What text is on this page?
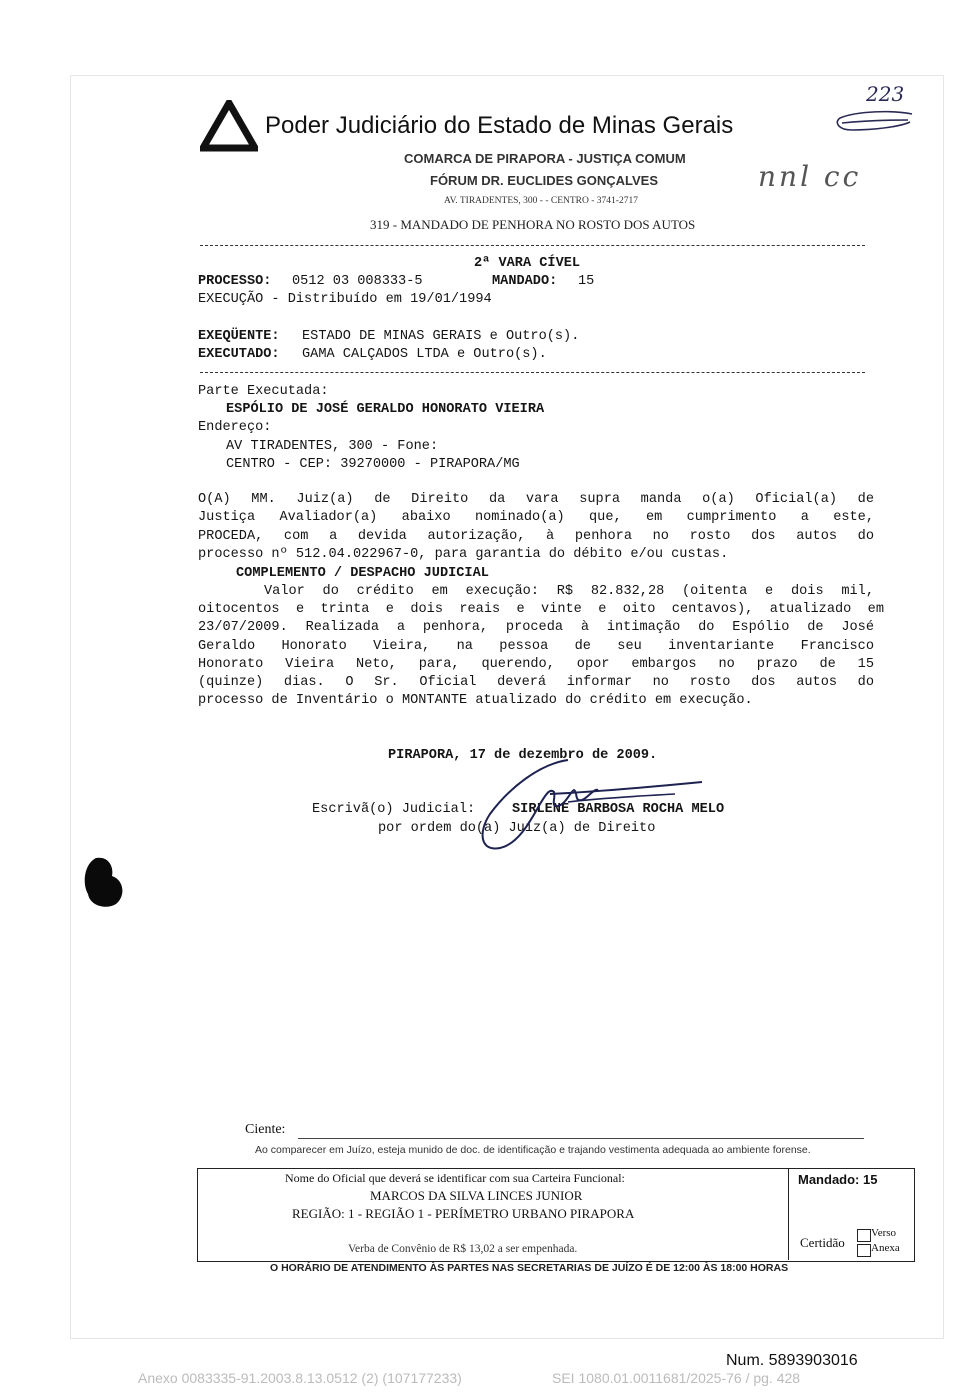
Poder Judiciário do Estado de Minas Gerais
COMARCA DE PIRAPORA - JUSTIÇA COMUM
FÓRUM DR. EUCLIDES GONÇALVES
AV. TIRADENTES, 300 - - CENTRO - 3741-2717
319 - MANDADO DE PENHORA NO ROSTO DOS AUTOS
223
nnl cc
2ª VARA CÍVEL
PROCESSO: 0512 03 008333-5	MANDADO: 15
EXECUÇÃO - Distribuído em 19/01/1994
EXEQÜENTE: ESTADO DE MINAS GERAIS e Outro(s).
EXECUTADO: GAMA CALÇADOS LTDA e Outro(s).
Parte Executada:
ESPÓLIO DE JOSÉ GERALDO HONORATO VIEIRA
Endereço:
AV TIRADENTES, 300 - Fone:
CENTRO - CEP: 39270000 - PIRAPORA/MG
O(A) MM. Juiz(a) de Direito da vara supra manda o(a) Oficial(a) de
Justiça Avaliador(a) abaixo nominado(a) que, em cumprimento a este,
PROCEDA, com a devida autorização, à penhora no rosto dos autos do
processo nº 512.04.022967-0, para garantia do débito e/ou custas.
COMPLEMENTO / DESPACHO JUDICIAL
Valor do crédito em execução: R$ 82.832,28 (oitenta e dois mil,
oitocentos e trinta e dois reais e vinte e oito centavos), atualizado em
23/07/2009. Realizada a penhora, proceda à intimação do Espólio de José
Geraldo Honorato Vieira, na pessoa de seu inventariante Francisco
Honorato Vieira Neto, para, querendo, opor embargos no prazo de 15
(quinze) dias. O Sr. Oficial deverá informar no rosto dos autos do
processo de Inventário o MONTANTE atualizado do crédito em execução.
PIRAPORA, 17 de dezembro de 2009.
Escrivã(o) Judicial:	SIRLENE BARBOSA ROCHA MELO
por ordem do(a) Juiz(a) de Direito
Ciente:
Ao comparecer em Juízo, esteja munido de doc. de identificação e trajando vestimenta adequada ao ambiente forense.
Nome do Oficial que deverá se identificar com sua Carteira Funcional:
MARCOS DA SILVA LINCES JUNIOR
REGIÃO: 1 - REGIÃO 1 - PERÍMETRO URBANO PIRAPORA
Verba de Convênio de R$ 13,02 a ser empenhada.
Mandado: 15
Certidão
Verso
Anexa
O HORÁRIO DE ATENDIMENTO ÀS PARTES NAS SECRETARIAS DE JUÍZO É DE 12:00 ÀS 18:00 HORAS
Num. 5893903016
Anexo 0083335-91.2003.8.13.0512 (2) (107177233)	SEI 1080.01.0011681/2025-76 / pg. 428
